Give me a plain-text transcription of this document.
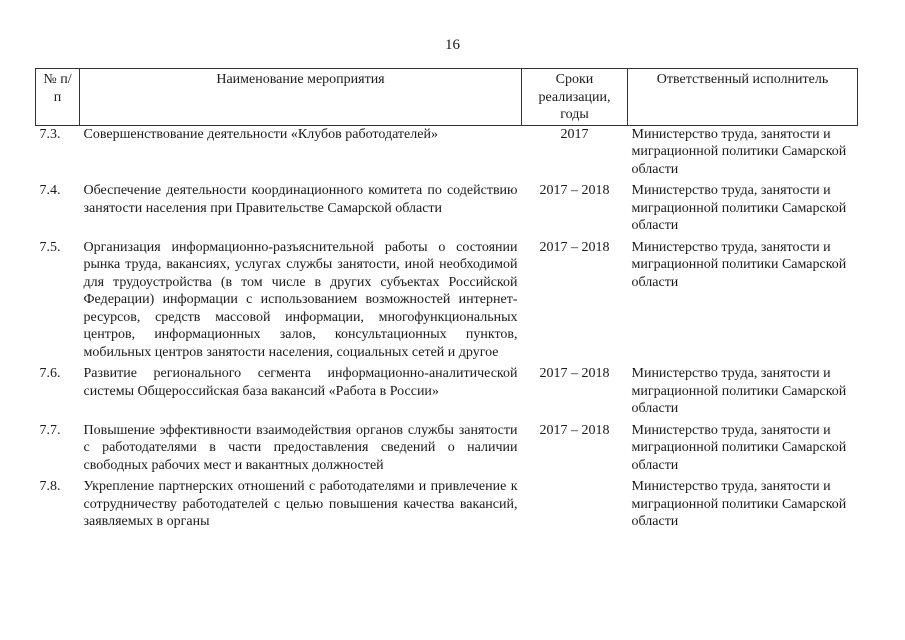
16
№ п/п	Наименование мероприятия	Сроки реализации, годы	Ответственный исполнитель
7.3.	Совершенствование деятельности «Клубов работодателей»	2017	Министерство труда, занятости и миграционной политики Самарской области
7.4.	Обеспечение деятельности координационного комитета по содействию занятости населения при Правительстве Самарской области	2017 – 2018	Министерство труда, занятости и миграционной политики Самарской области
7.5.	Организация информационно-разъяснительной работы о состоянии рынка труда, вакансиях, услугах службы занятости, иной необходимой для трудоустройства (в том числе в других субъектах Российской Федерации) информации с использованием возможностей интернет-ресурсов, средств массовой информации, многофункциональных центров, информационных залов, консультационных пунктов, мобильных центров занятости населения, социальных сетей и другое	2017 – 2018	Министерство труда, занятости и миграционной политики Самарской области
7.6.	Развитие регионального сегмента информационно-аналитической системы Общероссийская база вакансий «Работа в России»	2017 – 2018	Министерство труда, занятости и миграционной политики Самарской области
7.7.	Повышение эффективности взаимодействия органов службы занятости с работодателями в части предоставления сведений о наличии свободных рабочих мест и вакантных должностей	2017 – 2018	Министерство труда, занятости и миграционной политики Самарской области
7.8.	Укрепление партнерских отношений с работодателями и привлечение к сотрудничеству работодателей с целью повышения качества вакансий, заявляемых в органы		Министерство труда, занятости и миграционной политики Самарской области
